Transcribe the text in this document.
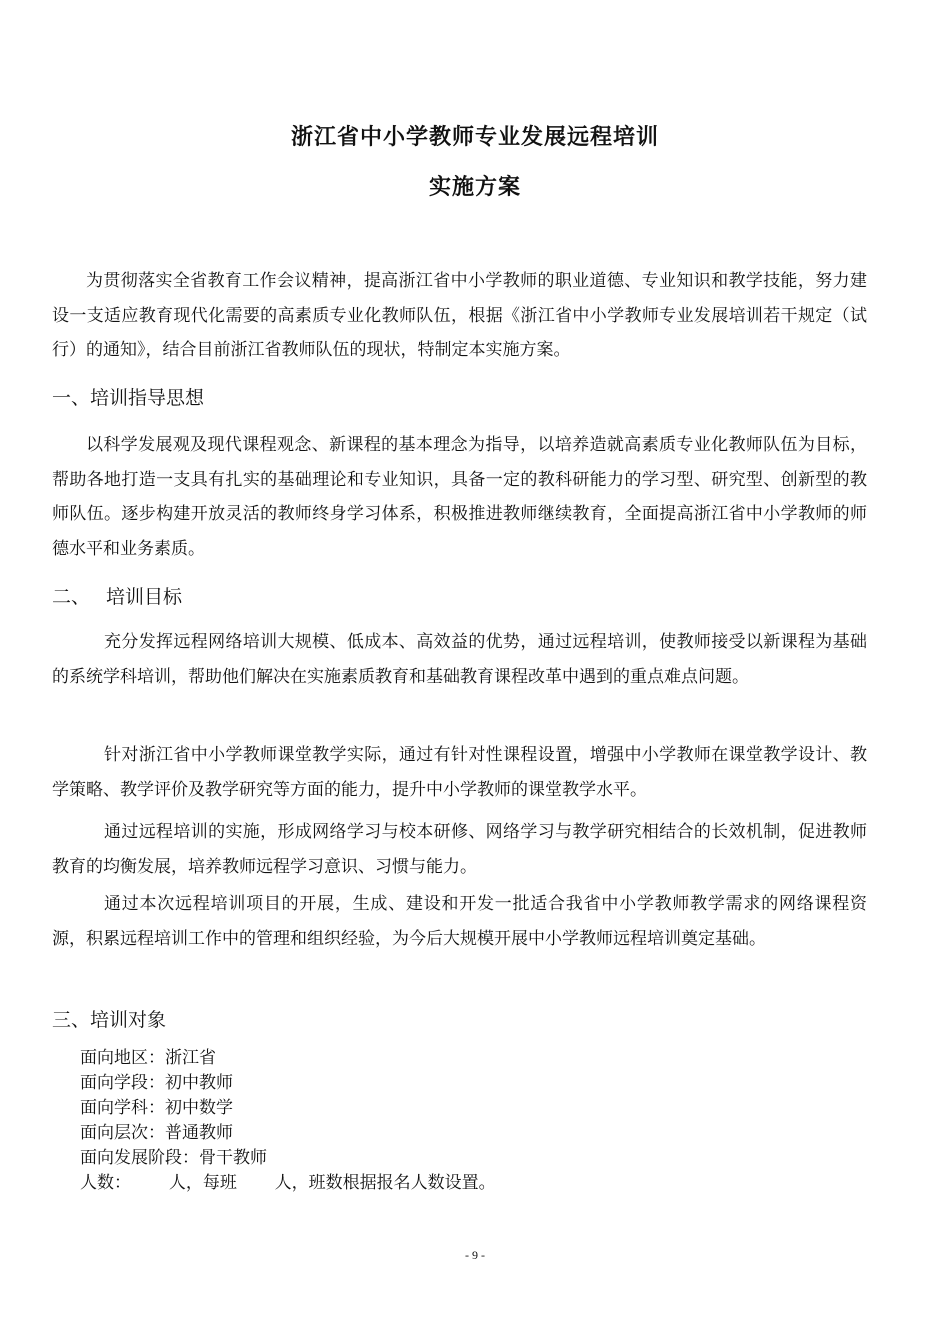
浙江省中小学教师专业发展远程培训
实施方案

为贯彻落实全省教育工作会议精神，提高浙江省中小学教师的职业道德、专业知识和教学技能，努力建设一支适应教育现代化需要的高素质专业化教师队伍，根据《浙江省中小学教师专业发展培训若干规定（试行）的通知》，结合目前浙江省教师队伍的现状，特制定本实施方案。

一、培训指导思想

以科学发展观及现代课程观念、新课程的基本理念为指导，以培养造就高素质专业化教师队伍为目标，帮助各地打造一支具有扎实的基础理论和专业知识，具备一定的教科研能力的学习型、研究型、创新型的教师队伍。逐步构建开放灵活的教师终身学习体系，积极推进教师继续教育，全面提高浙江省中小学教师的师德水平和业务素质。

二、 培训目标

充分发挥远程网络培训大规模、低成本、高效益的优势，通过远程培训，使教师接受以新课程为基础的系统学科培训，帮助他们解决在实施素质教育和基础教育课程改革中遇到的重点难点问题。

针对浙江省中小学教师课堂教学实际，通过有针对性课程设置，增强中小学教师在课堂教学设计、教学策略、教学评价及教学研究等方面的能力，提升中小学教师的课堂教学水平。

通过远程培训的实施，形成网络学习与校本研修、网络学习与教学研究相结合的长效机制，促进教师教育的均衡发展，培养教师远程学习意识、习惯与能力。

通过本次远程培训项目的开展，生成、建设和开发一批适合我省中小学教师教学需求的网络课程资源，积累远程培训工作中的管理和组织经验，为今后大规模开展中小学教师远程培训奠定基础。

三、培训对象
面向地区：浙江省
面向学段：初中教师
面向学科：初中数学
面向层次：普通教师
面向发展阶段：骨干教师
人数：       人，每班       人，班数根据报名人数设置。
- 9 -
